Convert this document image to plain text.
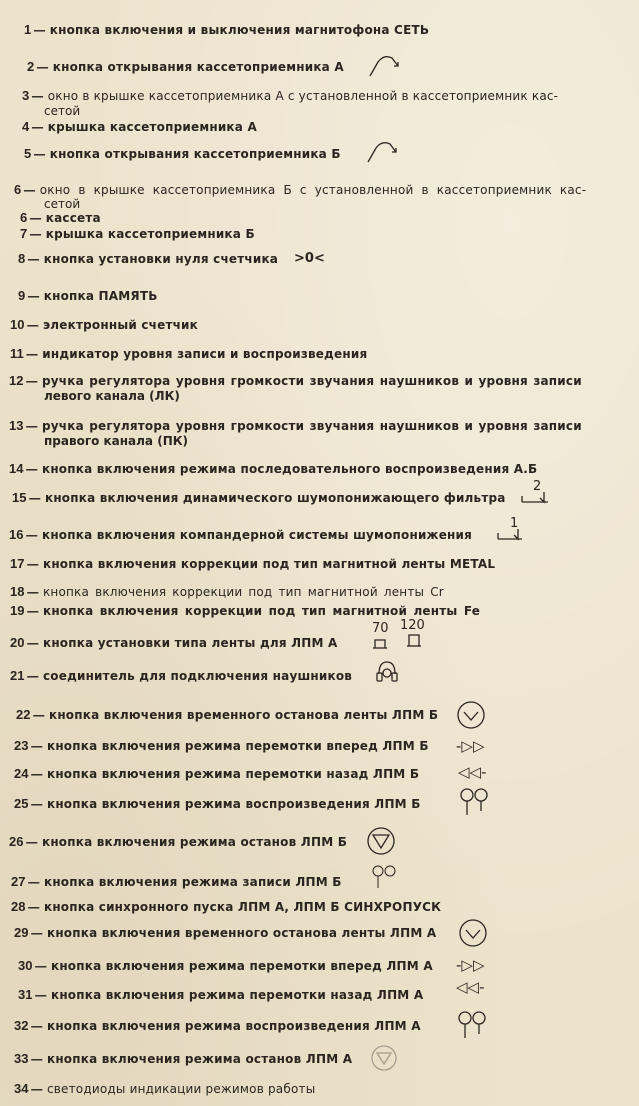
1 — кнопка включения и выключения магнитофона СЕТЬ
2 — кнопка открывания кассетоприемника А
3 — окно в крышке кассетоприемника А с установленной в кассетоприемник кас-
сетой
4 — крышка кассетоприемника А
5 — кнопка открывания кассетоприемника Б
6 — окно в крышке кассетоприемника Б с установленной в кассетоприемник кас-
сетой
6 — кассета
7 — крышка кассетоприемника Б
8 — кнопка установки нуля счетчика	>0<
9 — кнопка ПАМЯТЬ
10 — электронный счетчик
11 — индикатор уровня записи и воспроизведения
12 — ручка регулятора уровня громкости звучания наушников и уровня записи
левого канала (ЛК)
13 — ручка регулятора уровня громкости звучания наушников и уровня записи
правого канала (ПК)
14 — кнопка включения режима последовательного воспроизведения А.Б
15 — кнопка включения динамического шумопонижающего фильтра
2
16 — кнопка включения компандерной системы шумопонижения
1
17 — кнопка включения коррекции под тип магнитной ленты METAL
18 — кнопка включения коррекции под тип магнитной ленты Cr
19 — кнопка включения коррекции под тип магнитной ленты Fe
20 — кнопка установки типа ленты для ЛПМ А
70 120
21 — соединитель для подключения наушников
22 — кнопка включения временного останова ленты ЛПМ Б
23 — кнопка включения режима перемотки вперед ЛПМ Б	-▷▷
24 — кнопка включения режима перемотки назад ЛПМ Б	◁◁-
25 — кнопка включения режима воспроизведения ЛПМ Б
26 — кнопка включения режима останов ЛПМ Б
27 — кнопка включения режима записи ЛПМ Б
28 — кнопка синхронного пуска ЛПМ А, ЛПМ Б СИНХРОПУСК
29 — кнопка включения временного останова ленты ЛПМ А
30 — кнопка включения режима перемотки вперед ЛПМ А	-▷▷
31 — кнопка включения режима перемотки назад ЛПМ А	◁◁-
32 — кнопка включения режима воспроизведения ЛПМ А
33 — кнопка включения режима останов ЛПМ А
34 — светодиоды индикации режимов работы
